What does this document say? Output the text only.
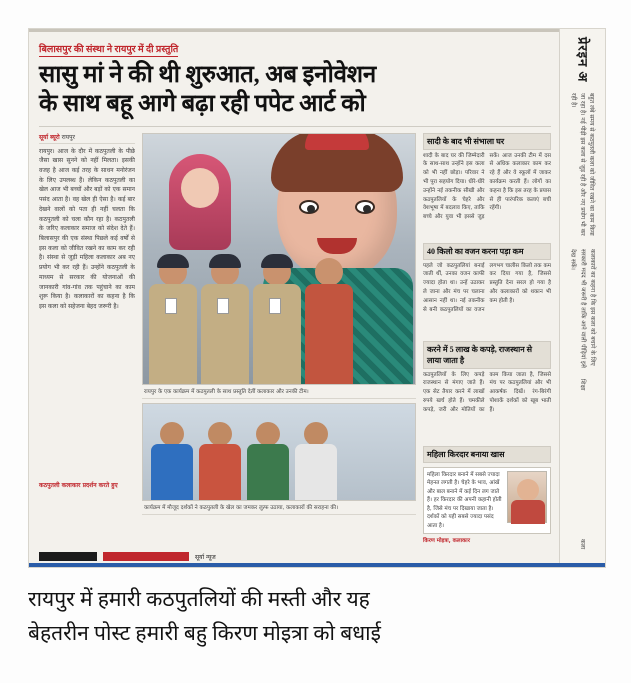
प्रेरइन अ
बहुत लंबे समय से कठपुतली कला को जीवित रखने का काम किया जा रहा है। नई पीढ़ी इस कला से जुड़ रही है और नए प्रयोग भी कर रही है।
कलाकारों का कहना है कि इस कला को बचाने के लिए सरकारी मदद भी जरूरी है ताकि आने वाली पीढ़ियां इसे देख सकें।
शिक्षा
कला
बिलासपुर की संस्था ने रायपुर में दी प्रस्तुति
सासु मां ने की थी शुरुआत, अब इनोवेशन
के साथ बहू आगे बढ़ा रही पपेट आर्ट को
सूर्या ब्यूरो रायपुर
रायपुर। आज के दौर में कठपुतली के पीछे जैसा खास सुनने को नहीं मिलता। इसकी वजह है आज कई तरह के साधन मनोरंजन के लिए उपलब्ध हैं। लेकिन कठपुतली का खेल आज भी बच्चों और बड़ों को एक समान पसंद आता है। वह खेल ही ऐसा है। कई बार देखने वालों को पता ही नहीं चलता कि कठपुतली को चला कौन रहा है। कठपुतली के जरिए कलाकार समाज को संदेश देते हैं। बिलासपुर की एक संस्था पिछले कई वर्षों से इस कला को जीवित रखने का काम कर रही है। संस्था से जुड़ी महिला कलाकार अब नए प्रयोग भी कर रही हैं। उन्होंने कठपुतली के माध्यम से सरकार की योजनाओं की जानकारी गांव-गांव तक पहुंचाने का काम शुरू किया है। कलाकारों का कहना है कि इस कला को सहेजना बेहद जरूरी है।
कठपुतली कलाकार प्रदर्शन करते हुए
रायपुर के एक कार्यक्रम में कठपुतली के साथ प्रस्तुति देतीं कलाकार और उनकी टीम।
कार्यक्रम में मौजूद दर्शकों ने कठपुतली के खेल का जमकर लुत्फ उठाया, कलाकारों की सराहना की।
सादी के बाद भी संभाला घर
शादी के बाद घर की जिम्मेदारी के साथ-साथ उन्होंने इस कला को भी नहीं छोड़ा। परिवार ने भी पूरा सहयोग दिया। धीरे-धीरे उन्होंने नई तकनीक सीखी और कठपुतलियों के चेहरे और वेशभूषा में बदलाव किए, ताकि बच्चे और युवा भी इससे जुड़ सकें। आज उनकी टीम में दस से अधिक कलाकार काम कर रहे हैं और वे स्कूलों में जाकर कार्यक्रम करती हैं। लोगों का कहना है कि इस तरह के प्रयास से ही पारंपरिक कलाएं बची रहेंगी।
40 किलो का वजन करना पड़ा कम
पहले जो कठपुतलियां बनाई जाती थीं, उनका वजन काफी ज्यादा होता था। उन्हें उठाकर ले जाना और मंच पर चलाना आसान नहीं था। नई तकनीक से बनी कठपुतलियों का वजन लगभग चालीस किलो तक कम कर दिया गया है, जिससे प्रस्तुति देना सरल हो गया है और कलाकारों को थकान भी कम होती है।
करने में 5 लाख के कपड़े, राजस्थान से लाया जाता है
कठपुतलियों के लिए कपड़े राजस्थान से मंगाए जाते हैं। एक सेट तैयार करने में लाखों रुपये खर्च होते हैं। चमकीले कपड़े, जरी और मोतियों का काम किया जाता है, जिससे मंच पर कठपुतलियां और भी आकर्षक दिखें। रंग-बिरंगी पोशाकें दर्शकों को खूब भाती हैं।
महिला किरदार बनाया खास
महिला किरदार बनाने में सबसे ज्यादा मेहनत लगती है। चेहरे के भाव, आंखें और बाल बनाने में कई दिन लग जाते हैं। हर किरदार की अपनी कहानी होती है, जिसे मंच पर दिखाया जाता है। दर्शकों को यही सबसे ज्यादा पसंद आता है।
किरण मोइत्रा, कलाकार
सूर्या न्यूज
रायपुर में हमारी कठपुतलियों की मस्ती और यह
बेहतरीन पोस्ट हमारी बहु किरण मोइत्रा को बधाई
